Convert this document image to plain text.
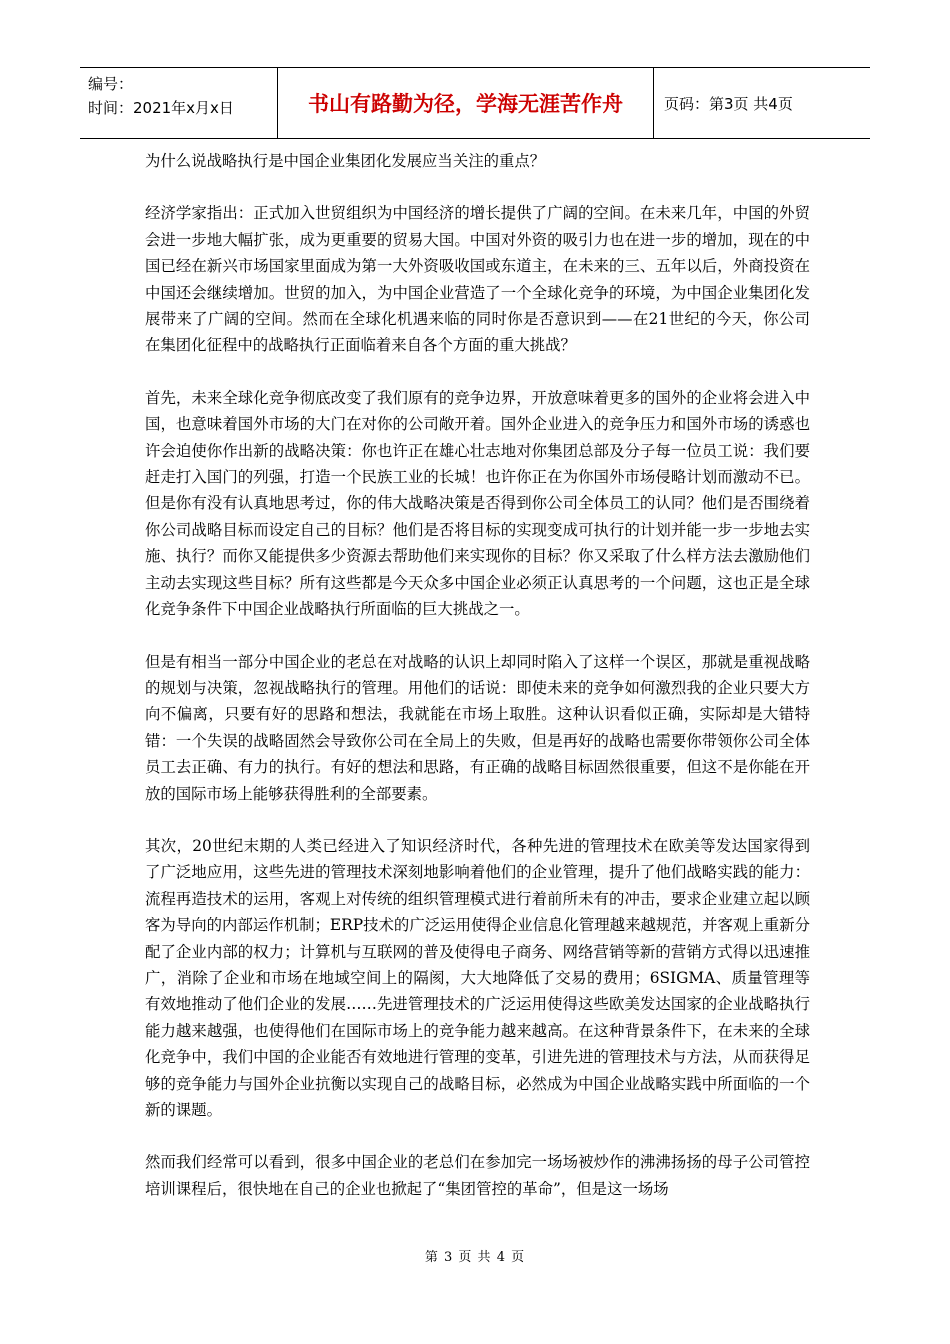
编号：
时间：2021年x月x日	书山有路勤为径，学海无涯苦作舟	页码：第3页 共4页

为什么说战略执行是中国企业集团化发展应当关注的重点？

经济学家指出：正式加入世贸组织为中国经济的增长提供了广阔的空间。在未来几年，中国的外贸会进一步地大幅扩张，成为更重要的贸易大国。中国对外资的吸引力也在进一步的增加，现在的中国已经在新兴市场国家里面成为第一大外资吸收国或东道主，在未来的三、五年以后，外商投资在中国还会继续增加。世贸的加入，为中国企业营造了一个全球化竞争的环境，为中国企业集团化发展带来了广阔的空间。然而在全球化机遇来临的同时你是否意识到——在21世纪的今天，你公司在集团化征程中的战略执行正面临着来自各个方面的重大挑战？

首先，未来全球化竞争彻底改变了我们原有的竞争边界，开放意味着更多的国外的企业将会进入中国，也意味着国外市场的大门在对你的公司敞开着。国外企业进入的竞争压力和国外市场的诱惑也许会迫使你作出新的战略决策：你也许正在雄心壮志地对你集团总部及分子每一位员工说：我们要赶走打入国门的列强，打造一个民族工业的长城！也许你正在为你国外市场侵略计划而激动不已。但是你有没有认真地思考过，你的伟大战略决策是否得到你公司全体员工的认同？他们是否围绕着你公司战略目标而设定自己的目标？他们是否将目标的实现变成可执行的计划并能一步一步地去实施、执行？而你又能提供多少资源去帮助他们来实现你的目标？你又采取了什么样方法去激励他们主动去实现这些目标？所有这些都是今天众多中国企业必须正认真思考的一个问题，这也正是全球化竞争条件下中国企业战略执行所面临的巨大挑战之一。

但是有相当一部分中国企业的老总在对战略的认识上却同时陷入了这样一个误区，那就是重视战略的规划与决策，忽视战略执行的管理。用他们的话说：即使未来的竞争如何激烈我的企业只要大方向不偏离，只要有好的思路和想法，我就能在市场上取胜。这种认识看似正确，实际却是大错特错：一个失误的战略固然会导致你公司在全局上的失败，但是再好的战略也需要你带领你公司全体员工去正确、有力的执行。有好的想法和思路，有正确的战略目标固然很重要，但这不是你能在开放的国际市场上能够获得胜利的全部要素。

其次，20世纪末期的人类已经进入了知识经济时代，各种先进的管理技术在欧美等发达国家得到了广泛地应用，这些先进的管理技术深刻地影响着他们的企业管理，提升了他们战略实践的能力：流程再造技术的运用，客观上对传统的组织管理模式进行着前所未有的冲击，要求企业建立起以顾客为导向的内部运作机制；ERP技术的广泛运用使得企业信息化管理越来越规范，并客观上重新分配了企业内部的权力；计算机与互联网的普及使得电子商务、网络营销等新的营销方式得以迅速推广，消除了企业和市场在地域空间上的隔阂，大大地降低了交易的费用；6SIGMA、质量管理等有效地推动了他们企业的发展……先进管理技术的广泛运用使得这些欧美发达国家的企业战略执行能力越来越强，也使得他们在国际市场上的竞争能力越来越高。在这种背景条件下，在未来的全球化竞争中，我们中国的企业能否有效地进行管理的变革，引进先进的管理技术与方法，从而获得足够的竞争能力与国外企业抗衡以实现自己的战略目标，必然成为中国企业战略实践中所面临的一个新的课题。

然而我们经常可以看到，很多中国企业的老总们在参加完一场场被炒作的沸沸扬扬的母子公司管控培训课程后，很快地在自己的企业也掀起了“集团管控的革命”，但是这一场场

第 3 页 共 4 页
